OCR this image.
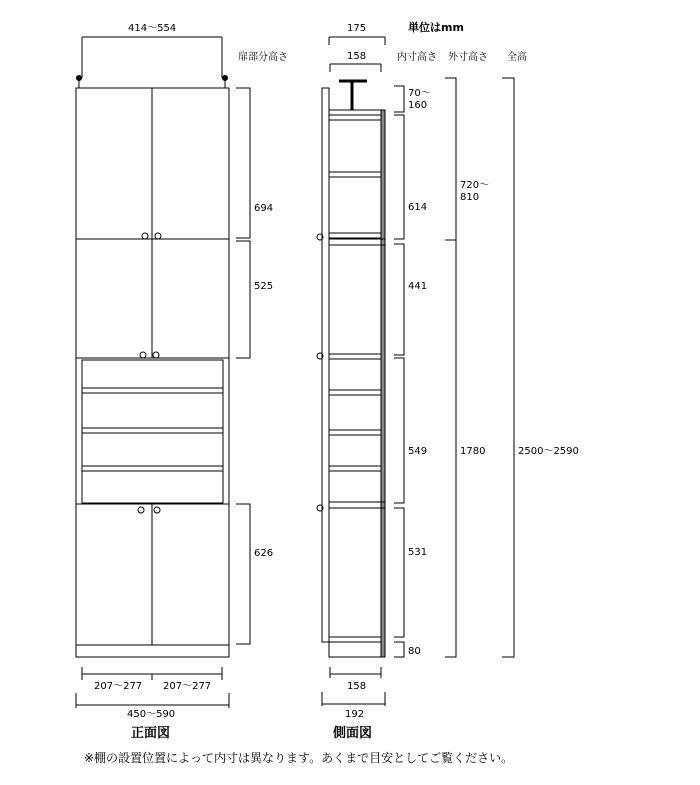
単位はmm
扉部分高さ	内寸高さ 外寸高さ 全高
414～554
694
525
626
207～277 207～277
450～590
正面図
175
158
70～160
614
441
549
531
80
720～810
1780	2500～2590
158
192
側面図
※棚の設置位置によって内寸は異なります。あくまで目安としてご覧ください。
